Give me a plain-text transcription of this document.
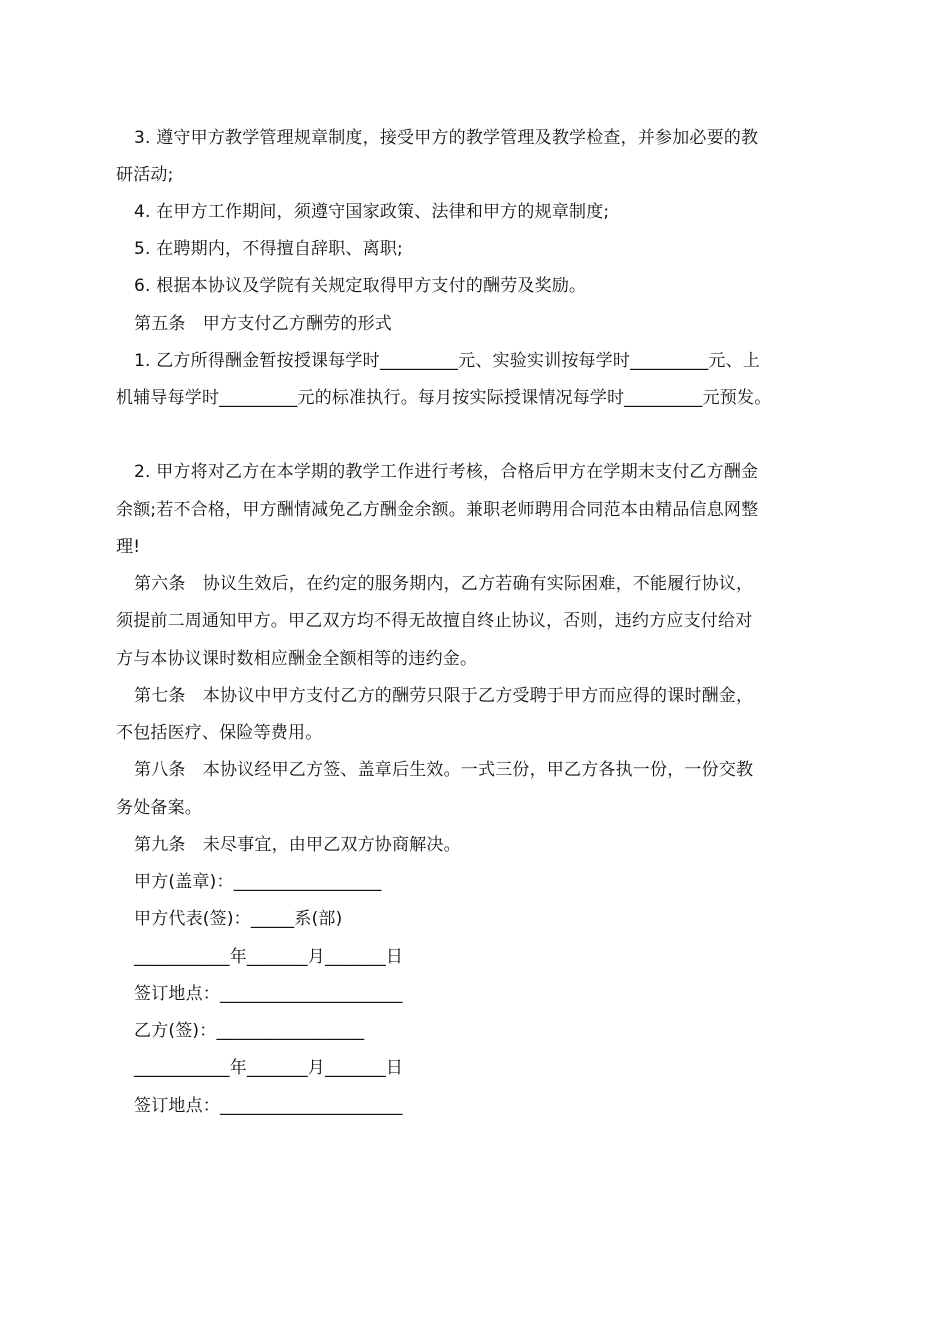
3. 遵守甲方教学管理规章制度，接受甲方的教学管理及教学检查，并参加必要的教
研活动;
4. 在甲方工作期间，须遵守国家政策、法律和甲方的规章制度;
5. 在聘期内，不得擅自辞职、离职;
6. 根据本协议及学院有关规定取得甲方支付的酬劳及奖励。
第五条　甲方支付乙方酬劳的形式
1. 乙方所得酬金暂按授课每学时_________元、实验实训按每学时_________元、上
机辅导每学时_________元的标准执行。每月按实际授课情况每学时_________元预发。
2. 甲方将对乙方在本学期的教学工作进行考核，合格后甲方在学期末支付乙方酬金
余额;若不合格，甲方酬情减免乙方酬金余额。兼职老师聘用合同范本由精品信息网整
理!
第六条　协议生效后，在约定的服务期内，乙方若确有实际困难，不能履行协议，
须提前二周通知甲方。甲乙双方均不得无故擅自终止协议，否则，违约方应支付给对
方与本协议课时数相应酬金全额相等的违约金。
第七条　本协议中甲方支付乙方的酬劳只限于乙方受聘于甲方而应得的课时酬金，
不包括医疗、保险等费用。
第八条　本协议经甲乙方签、盖章后生效。一式三份，甲乙方各执一份，一份交教
务处备案。
第九条　未尽事宜，由甲乙双方协商解决。
甲方(盖章)：_________________
甲方代表(签)：_____系(部)
___________年_______月_______日
签订地点：_____________________
乙方(签)：_________________
___________年_______月_______日
签订地点：_____________________
